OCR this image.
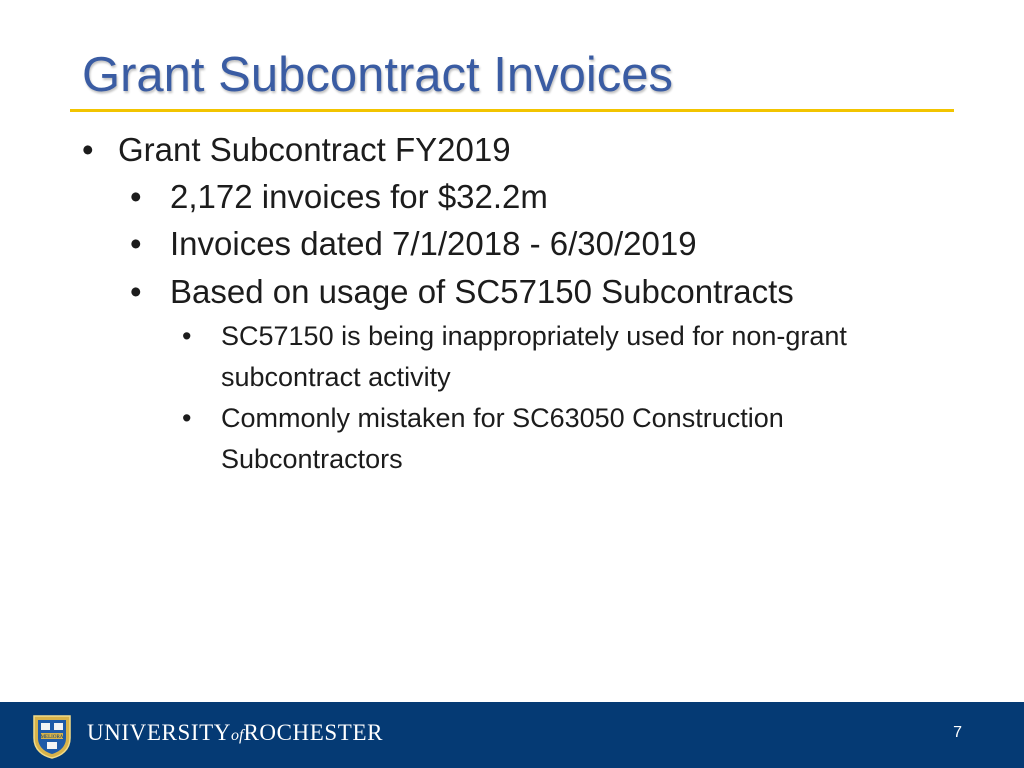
Grant Subcontract Invoices
• Grant Subcontract FY2019
• 2,172 invoices for $32.2m
• Invoices dated 7/1/2018 - 6/30/2019
• Based on usage of SC57150 Subcontracts
• SC57150 is being inappropriately used for non-grant subcontract activity
• Commonly mistaken for SC63050 Construction Subcontractors
MELIORA UNIVERSITYofROCHESTER	7
